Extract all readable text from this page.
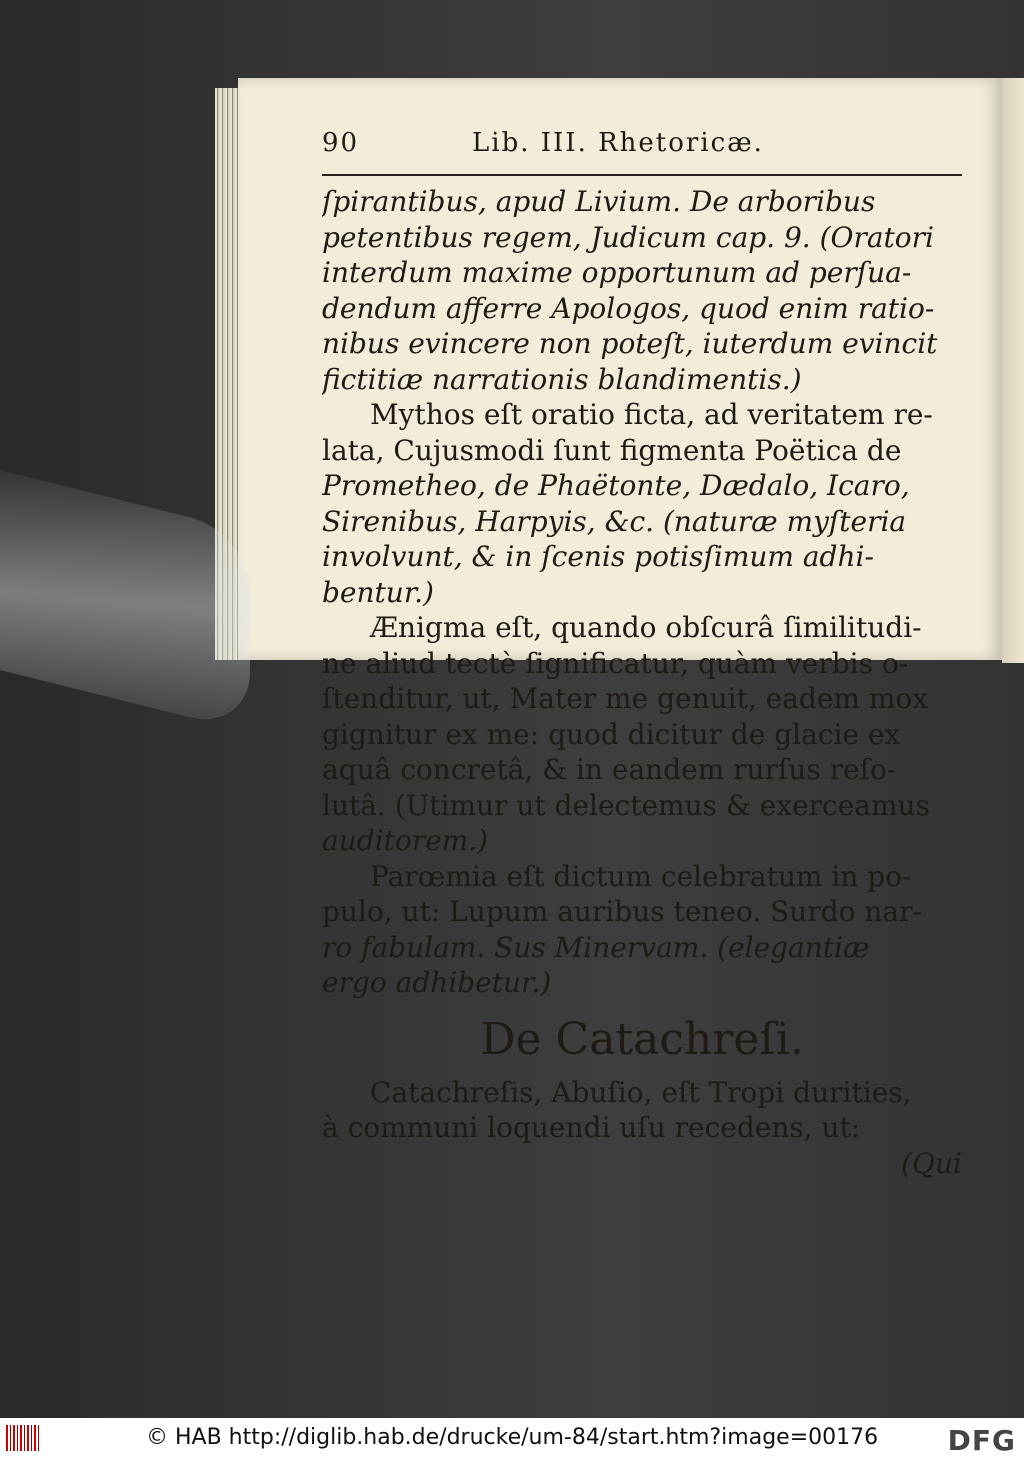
90	Lib. III. Rhetoricæ.
ſpirantibus, apud Livium. De arboribus
petentibus regem, Judicum cap. 9. (Oratori
interdum maxime opportunum ad perſua-
dendum afferre Apologos, quod enim ratio-
nibus evincere non poteſt, iuterdum evincit
fictitiæ narrationis blandimentis.)
Mythos eſt oratio ficta, ad veritatem re-
lata, Cujusmodi ſunt figmenta Poëtica de
Prometheo, de Phaëtonte, Dædalo, Icaro,
Sirenibus, Harpyis, &c. (naturæ myſteria
involvunt, & in ſcenis potisſimum adhi-
bentur.)
Ænigma eſt, quando obſcurâ ſimilitudi-
ne aliud tectè ſignificatur, quàm verbis o-
ſtenditur, ut, Mater me genuit, eadem mox
gignitur ex me: quod dicitur de glacie ex
aquâ concretâ, & in eandem rurſus reſo-
lutâ. (Utimur ut delectemus & exerceamus
auditorem.)
Parœmia eſt dictum celebratum in po-
pulo, ut: Lupum auribus teneo. Surdo nar-
ro fabulam. Sus Minervam. (elegantiæ
ergo adhibetur.)
De Catachreſi.
Catachreſis, Abuſio, eſt Tropi durities,
à communi loquendi uſu recedens, ut:
(Qui
© HAB http://diglib.hab.de/drucke/um-84/start.htm?image=00176 DFG
